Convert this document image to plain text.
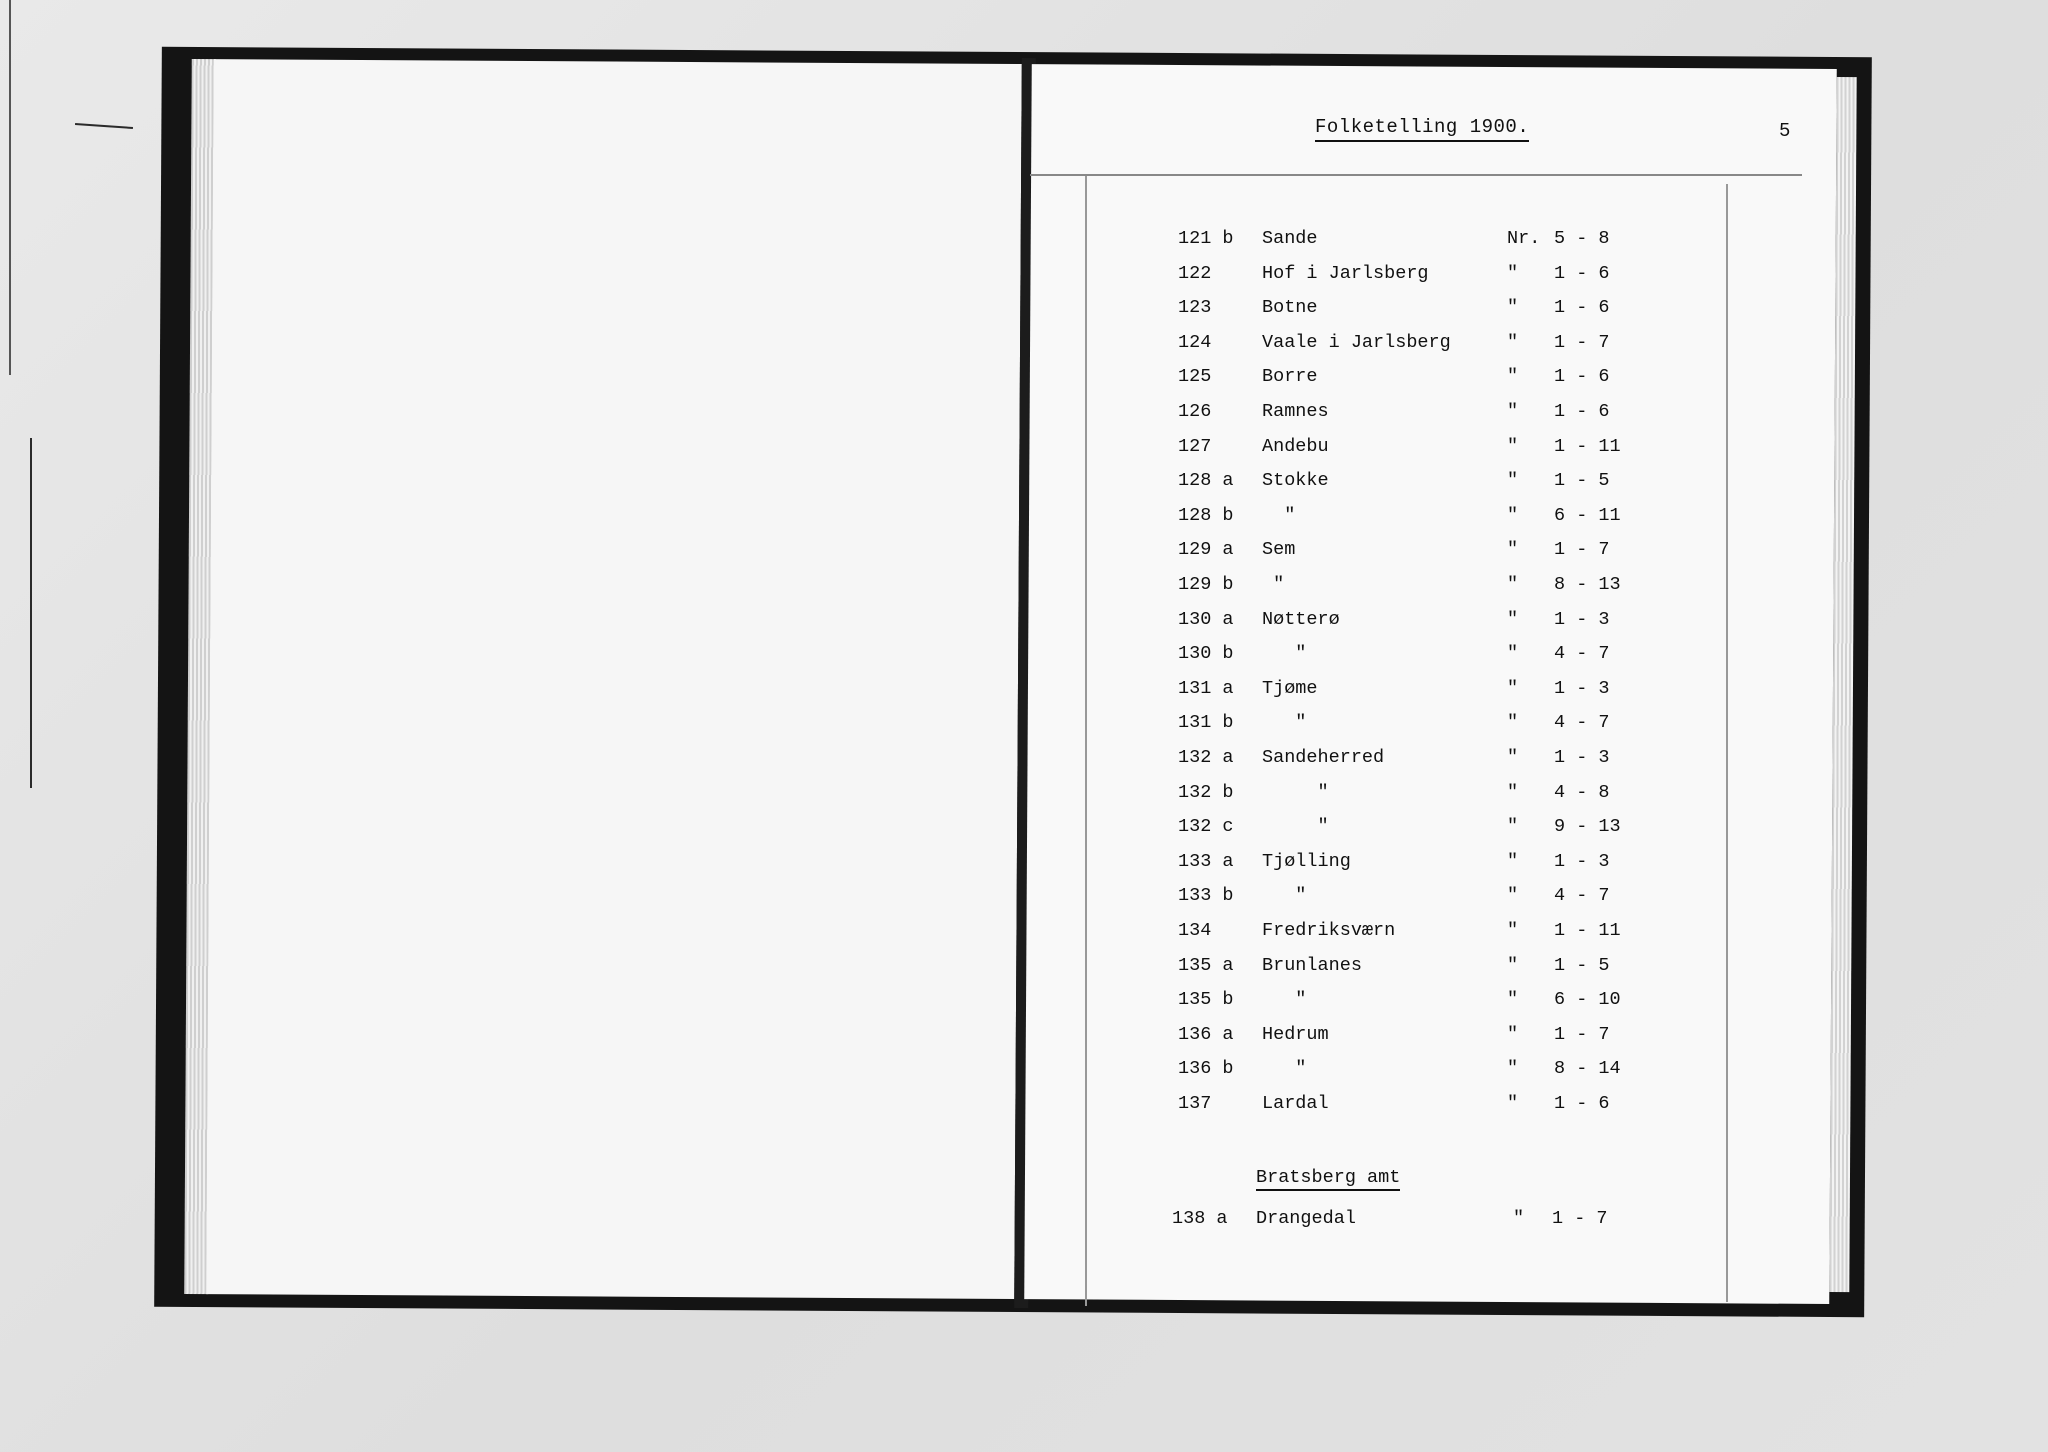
Folketelling 1900.	5
121 b Sande	Nr. 5 - 8
122	Hof i Jarlsberg	" 1 - 6
123	Botne	" 1 - 6
124	Vaale i Jarlsberg	" 1 - 7
125	Borre	" 1 - 6
126	Ramnes	" 1 - 6
127	Andebu	" 1 - 11
128 a Stokke	" 1 - 5
128 b "	" 6 - 11
129 a Sem	" 1 - 7
129 b "	" 8 - 13
130 a Nøtterø	" 1 - 3
130 b "	" 4 - 7
131 a Tjøme	" 1 - 3
131 b "	" 4 - 7
132 a Sandeherred	" 1 - 3
132 b "	" 4 - 8
132 c "	" 9 - 13
133 a Tjølling	" 1 - 3
133 b "	" 4 - 7
134	Fredriksværn	" 1 - 11
135 a Brunlanes	" 1 - 5
135 b "	" 6 - 10
136 a Hedrum	" 1 - 7
136 b "	" 8 - 14
137	Lardal	" 1 - 6
Bratsberg amt
138 a Drangedal	" 1 - 7
